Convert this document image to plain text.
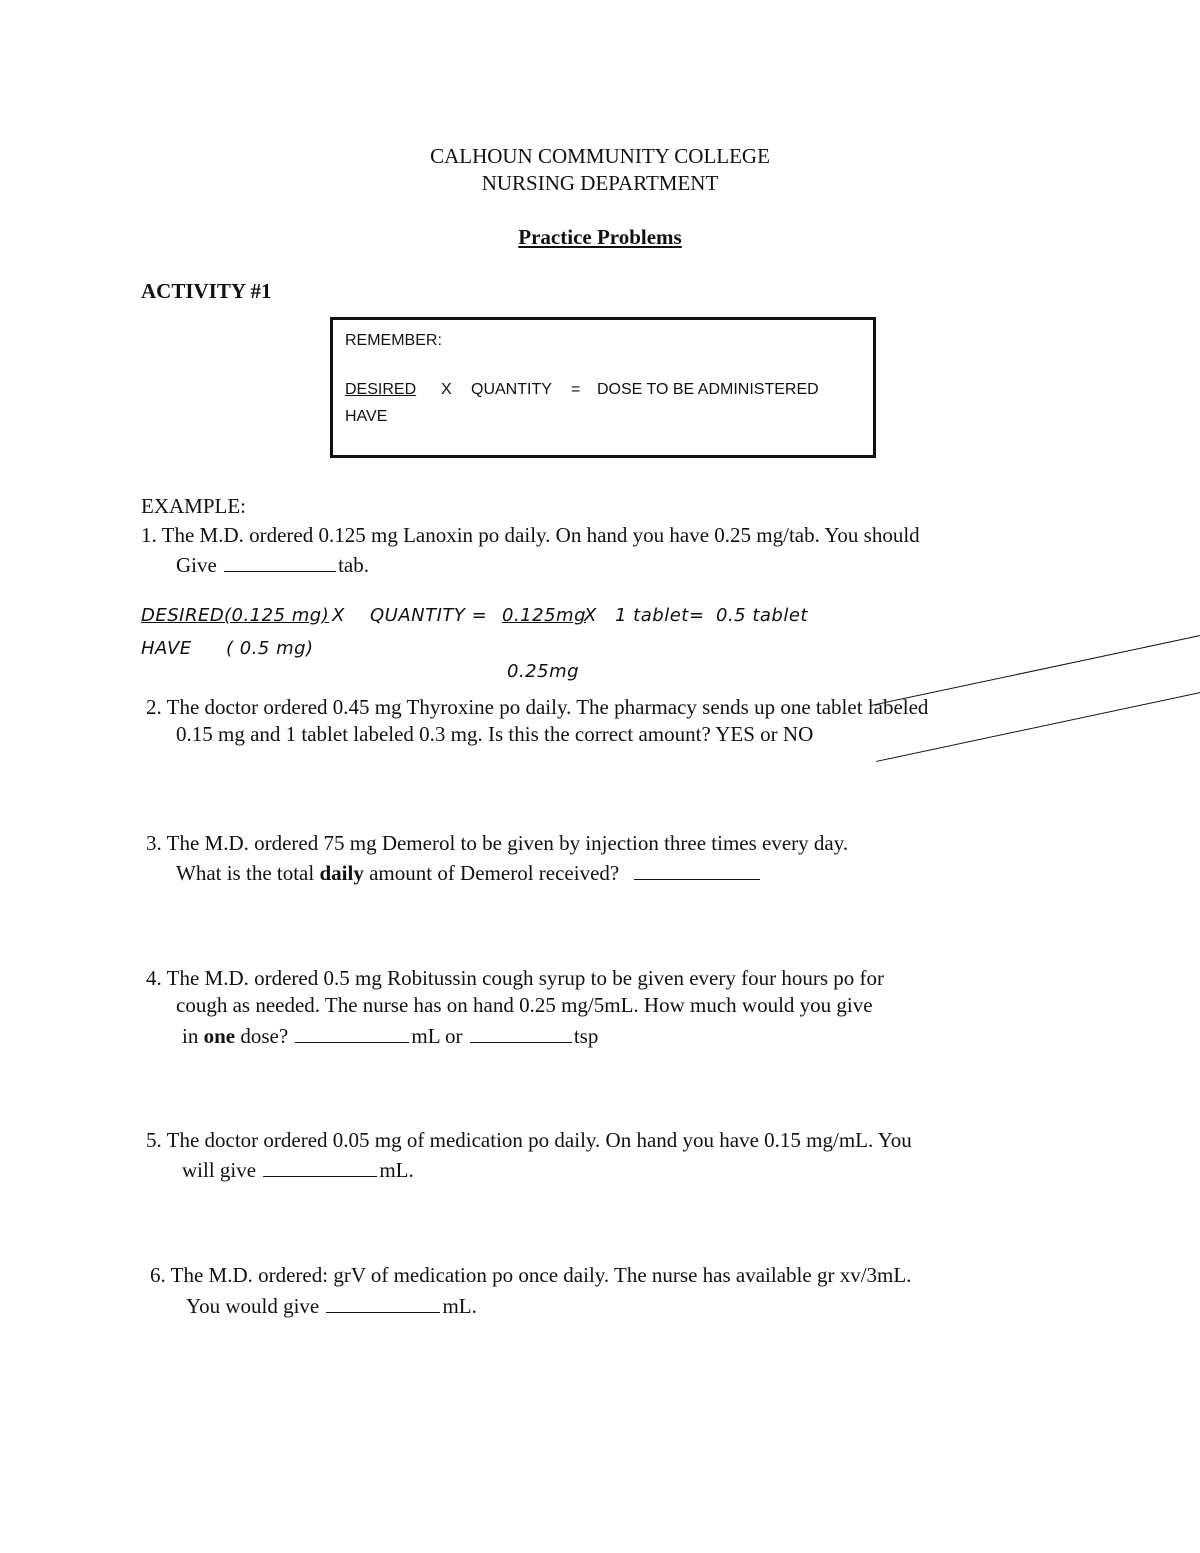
CALHOUN COMMUNITY COLLEGE
NURSING DEPARTMENT
Practice Problems
ACTIVITY #1
REMEMBER:
DESIRED X QUANTITY = DOSE TO BE ADMINISTERED
HAVE
EXAMPLE:
1. The M.D. ordered 0.125 mg Lanoxin po daily. On hand you have 0.25 mg/tab. You should
Give	tab.
DESIRED (0.125 mg) X QUANTITY = 0.125mg
X 1 tablet = 0.5 tablet
HAVE ( 0.5 mg)
0.25mg
2. The doctor ordered 0.45 mg Thyroxine po daily. The pharmacy sends up one tablet labeled
0.15 mg and 1 tablet labeled 0.3 mg. Is this the correct amount? YES or NO
3. The M.D. ordered 75 mg Demerol to be given by injection three times every day.
What is the total daily amount of Demerol received?
4. The M.D. ordered 0.5 mg Robitussin cough syrup to be given every four hours po for
cough as needed. The nurse has on hand 0.25 mg/5mL. How much would you give
in one dose?	mL or	tsp
5. The doctor ordered 0.05 mg of medication po daily. On hand you have 0.15 mg/mL. You
will give	mL.
6. The M.D. ordered: grV of medication po once daily. The nurse has available gr xv/3mL.
You would give	mL.
